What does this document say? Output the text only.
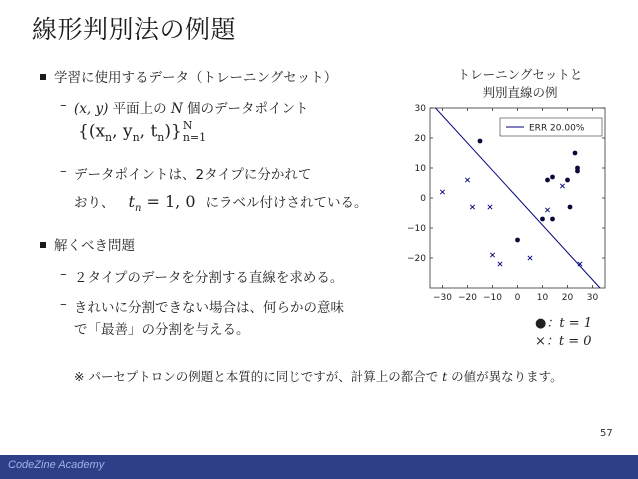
線形判別法の例題
学習に使用するデータ（トレーニングセット）
– (x, y) 平面上の N 個のデータポイント
{($x_n$, $y_n$, $t_n$)} N
n=1
– データポイントは、2タイプに分かれて
おり、 $t_n = 1$, 0 にラベル付けされている。
解くべき問題
– ２タイプのデータを分割する直線を求める。
– きれいに分割できない場合は、何らかの意味
で「最善」の分割を与える。
※ パーセプトロンの例題と本質的に同じですが、計算上の都合で t の値が異なります。
トレーニングセットと
判別直線の例
−30 −20 −10 0 10 20 30
−20
−10
0
10
20
30
ERR 20.00%
●：t = 1
×：t = 0
57
CodeZine Academy
